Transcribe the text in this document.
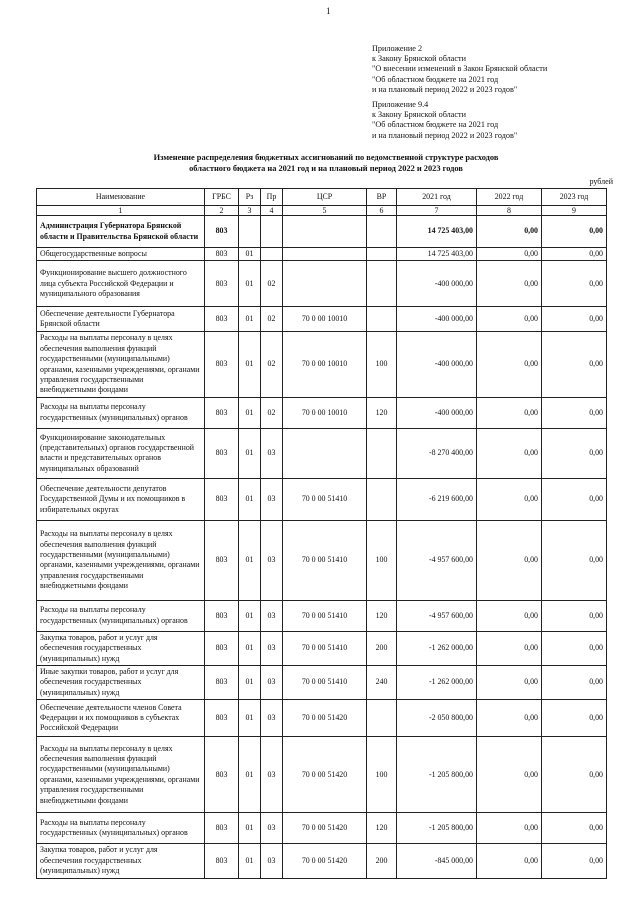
1
Приложение 2
к Закону Брянской области
"О внесении изменений в Закон Брянской области
"Об областном бюджете на 2021 год
и на плановый период 2022 и 2023 годов"
Приложение 9.4
к Закону Брянской области
"Об областном бюджете на 2021 год
и на плановый период 2022 и 2023 годов"
Изменение распределения бюджетных ассигнований по ведомственной структуре расходов
областного бюджета на 2021 год и на плановый период 2022 и 2023 годов
рублей
Наименование	ГРБС	Рз	Пр	ЦСР	ВР	2021 год	2022 год	2023 год
1	2	3	4	5	6	7	8	9
Администрация Губернатора Брянской области и Правительства Брянской области	803					14 725 403,00	0,00	0,00
Общегосударственные вопросы	803	01				14 725 403,00	0,00	0,00
Функционирование высшего должностного лица субъекта Российской Федерации и муниципального образования	803	01	02			-400 000,00	0,00	0,00
Обеспечение деятельности Губернатора Брянской области	803	01	02	70 0 00 10010		-400 000,00	0,00	0,00
Расходы на выплаты персоналу в целях обеспечения выполнения функций государственными (муниципальными) органами, казенными учреждениями, органами управления государственными внебюджетными фондами	803	01	02	70 0 00 10010	100	-400 000,00	0,00	0,00
Расходы на выплаты персоналу государственных (муниципальных) органов	803	01	02	70 0 00 10010	120	-400 000,00	0,00	0,00
Функционирование законодательных (представительных) органов государственной власти и представительных органов муниципальных образований	803	01	03			-8 270 400,00	0,00	0,00
Обеспечение деятельности депутатов Государственной Думы и их помощников в избирательных округах	803	01	03	70 0 00 51410		-6 219 600,00	0,00	0,00
Расходы на выплаты персоналу в целях обеспечения выполнения функций государственными (муниципальными) органами, казенными учреждениями, органами управления государственными внебюджетными фондами	803	01	03	70 0 00 51410	100	-4 957 600,00	0,00	0,00
Расходы на выплаты персоналу государственных (муниципальных) органов	803	01	03	70 0 00 51410	120	-4 957 600,00	0,00	0,00
Закупка товаров, работ и услуг для обеспечения государственных (муниципальных) нужд	803	01	03	70 0 00 51410	200	-1 262 000,00	0,00	0,00
Иные закупки товаров, работ и услуг для обеспечения государственных (муниципальных) нужд	803	01	03	70 0 00 51410	240	-1 262 000,00	0,00	0,00
Обеспечение деятельности членов Совета Федерации и их помощников в субъектах Российской Федерации	803	01	03	70 0 00 51420		-2 050 800,00	0,00	0,00
Расходы на выплаты персоналу в целях обеспечения выполнения функций государственными (муниципальными) органами, казенными учреждениями, органами управления государственными внебюджетными фондами	803	01	03	70 0 00 51420	100	-1 205 800,00	0,00	0,00
Расходы на выплаты персоналу государственных (муниципальных) органов	803	01	03	70 0 00 51420	120	-1 205 800,00	0,00	0,00
Закупка товаров, работ и услуг для обеспечения государственных (муниципальных) нужд	803	01	03	70 0 00 51420	200	-845 000,00	0,00	0,00
